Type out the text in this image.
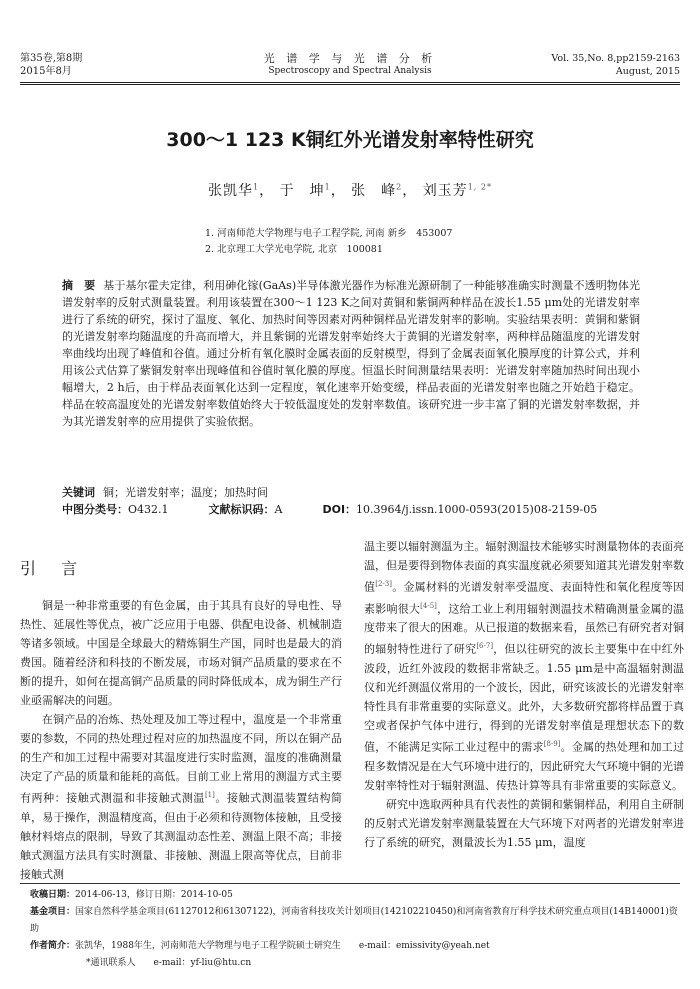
第35卷,第8期
2015年8月
光 谱 学 与 光 谱 分 析
Spectroscopy and Spectral Analysis
Vol. 35,No. 8,pp2159-2163
August, 2015
300～1 123 K铜红外光谱发射率特性研究
张凯华$^1$， 于　坤$^1$， 张　峰$^2$， 刘玉芳$^{1, 2*}$
1. 河南师范大学物理与电子工程学院, 河南 新乡　453007
2. 北京理工大学光电学院, 北京　100081
摘　要 基于基尔霍夫定律，利用砷化镓(GaAs)半导体激光器作为标准光源研制了一种能够准确实时测量不透明物体光谱发射率的反射式测量装置。利用该装置在300～1 123 K之间对黄铜和紫铜两种样品在波长1.55 μm处的光谱发射率进行了系统的研究，探讨了温度、氧化、加热时间等因素对两种铜样品光谱发射率的影响。实验结果表明：黄铜和紫铜的光谱发射率均随温度的升高而增大，并且紫铜的光谱发射率始终大于黄铜的光谱发射率，两种样品随温度的光谱发射率曲线均出现了峰值和谷值。通过分析有氧化膜时金属表面的反射模型，得到了金属表面氧化膜厚度的计算公式，并利用该公式估算了紫铜发射率出现峰值和谷值时氧化膜的厚度。恒温长时间测量结果表明：光谱发射率随加热时间出现小幅增大，2 h后，由于样品表面氧化达到一定程度，氧化速率开始变缓，样品表面的光谱发射率也随之开始趋于稳定。样品在较高温度处的光谱发射率数值始终大于较低温度处的发射率数值。该研究进一步丰富了铜的光谱发射率数据，并为其光谱发射率的应用提供了实验依据。
关键词 铜；光谱发射率；温度；加热时间
中图分类号：O432.1	文献标识码：A	DOI：10.3964/j.issn.1000-0593(2015)08-2159-05
引 言

铜是一种非常重要的有色金属，由于其具有良好的导电性、导热性、延展性等优点，被广泛应用于电器、供配电设备、机械制造等诸多领域。中国是全球最大的精炼铜生产国，同时也是最大的消费国。随着经济和科技的不断发展，市场对铜产品质量的要求在不断的提升，如何在提高铜产品质量的同时降低成本，成为铜生产行业亟需解决的问题。

在铜产品的冶炼、热处理及加工等过程中，温度是一个非常重要的参数，不同的热处理过程对应的加热温度不同，所以在铜产品的生产和加工过程中需要对其温度进行实时监测，温度的准确测量决定了产品的质量和能耗的高低。目前工业上常用的测温方式主要有两种：接触式测温和非接触式测温[1]。接触式测温装置结构简单，易于操作，测温精度高，但由于必须和待测物体接触，且受接触材料熔点的限制，导致了其测温动态性差、测温上限不高；非接触式测温方法具有实时测量、非接触、测温上限高等优点，目前非接触式测

温主要以辐射测温为主。辐射测温技术能够实时测量物体的表面亮温，但是要得到物体表面的真实温度就必须要知道其光谱发射率数值[2-3]。金属材料的光谱发射率受温度、表面特性和氧化程度等因素影响很大[4-5]，这给工业上利用辐射测温技术精确测量金属的温度带来了很大的困难。从已报道的数据来看，虽然已有研究者对铜的辐射特性进行了研究[6-7]，但以往研究的波长主要集中在中红外波段，近红外波段的数据非常缺乏。1.55 μm是中高温辐射测温仪和光纤测温仪常用的一个波长，因此，研究该波长的光谱发射率特性具有非常重要的实际意义。此外，大多数研究都将样品置于真空或者保护气体中进行，得到的光谱发射率值是理想状态下的数值，不能满足实际工业过程中的需求[8-9]。金属的热处理和加工过程多数情况是在大气环境中进行的，因此研究大气环境中铜的光谱发射率特性对于辐射测温、传热计算等具有非常重要的实际意义。

研究中选取两种具有代表性的黄铜和紫铜样品，利用自主研制的反射式光谱发射率测量装置在大气环境下对两者的光谱发射率进行了系统的研究，测量波长为1.55 μm，温度

收稿日期：2014-06-13，修订日期：2014-10-05
基金项目：国家自然科学基金项目(61127012和61307122)，河南省科技攻关计划项目(142102210450)和河南省教育厅科学技术研究重点项目(14B140001)资助
作者简介：张凯华，1988年生，河南师范大学物理与电子工程学院硕士研究生　　e-mail：emissivity@yeah.net
*通讯联系人　　e-mail：yf-liu@htu.cn
